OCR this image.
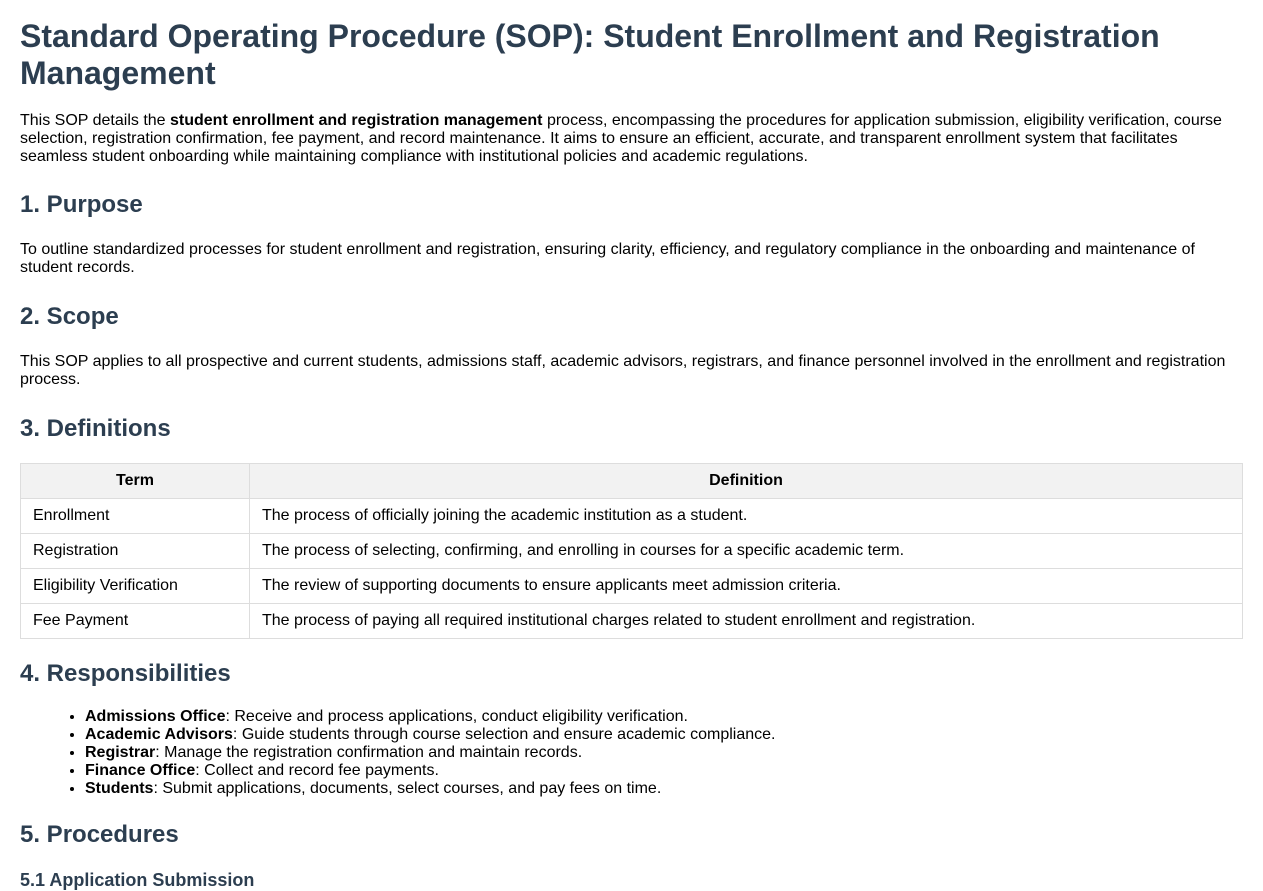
Standard Operating Procedure (SOP): Student Enrollment and Registration Management

This SOP details the student enrollment and registration management process, encompassing the procedures for application submission, eligibility verification, course selection, registration confirmation, fee payment, and record maintenance. It aims to ensure an efficient, accurate, and transparent enrollment system that facilitates seamless student onboarding while maintaining compliance with institutional policies and academic regulations.

1. Purpose

To outline standardized processes for student enrollment and registration, ensuring clarity, efficiency, and regulatory compliance in the onboarding and maintenance of student records.

2. Scope

This SOP applies to all prospective and current students, admissions staff, academic advisors, registrars, and finance personnel involved in the enrollment and registration process.

3. Definitions
Term	Definition
Enrollment	The process of officially joining the academic institution as a student.
Registration	The process of selecting, confirming, and enrolling in courses for a specific academic term.
Eligibility Verification	The review of supporting documents to ensure applicants meet admission criteria.
Fee Payment	The process of paying all required institutional charges related to student enrollment and registration.
4. Responsibilities
• Admissions Office: Receive and process applications, conduct eligibility verification.
• Academic Advisors: Guide students through course selection and ensure academic compliance.
• Registrar: Manage the registration confirmation and maintain records.
• Finance Office: Collect and record fee payments.
• Students: Submit applications, documents, select courses, and pay fees on time.
5. Procedures
5.1 Application Submission
